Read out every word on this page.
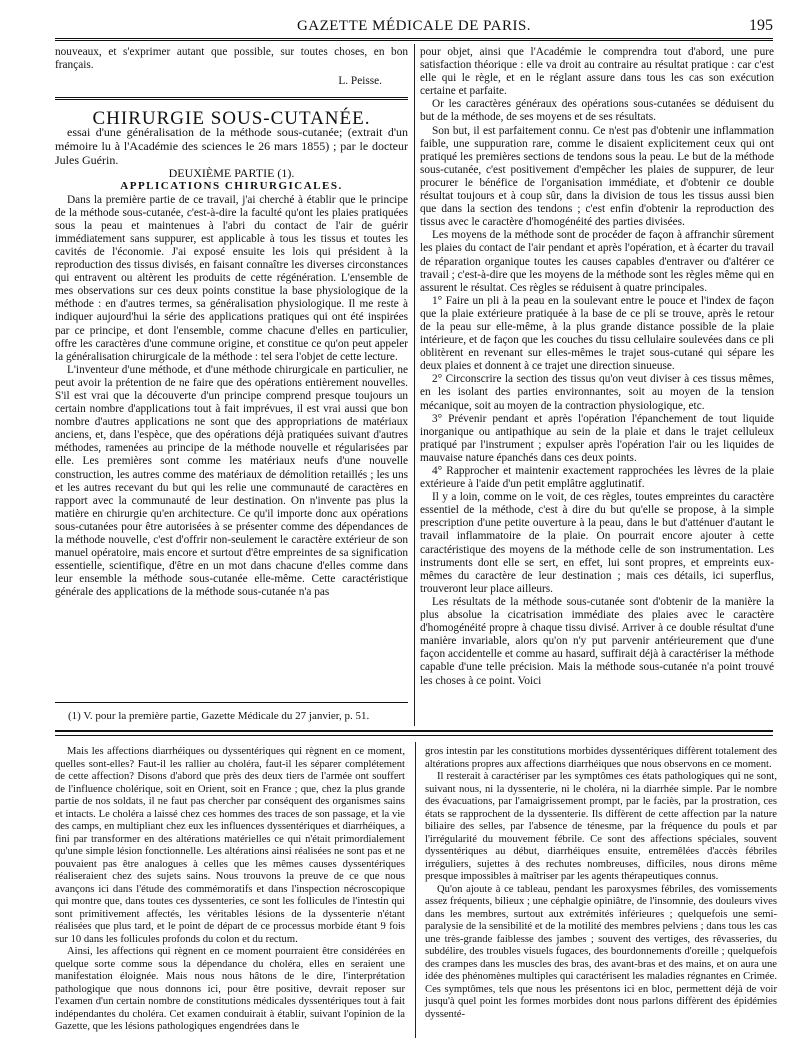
GAZETTE MÉDICALE DE PARIS.	195

nouveaux, et s'exprimer autant que possible, sur toutes choses, en bon français.

L. Peisse.

CHIRURGIE SOUS-CUTANÉE.

essai d'une généralisation de la méthode sous-cutanée; (extrait d'un mémoire lu à l'Académie des sciences le 26 mars 1855) ; par le docteur Jules Guérin.

DEUXIÈME PARTIE (1).

APPLICATIONS CHIRURGICALES.

Dans la première partie de ce travail, j'ai cherché à établir que le principe de la méthode sous-cutanée, c'est-à-dire la faculté qu'ont les plaies pratiquées sous la peau et maintenues à l'abri du contact de l'air de guérir immédiatement sans suppurer, est applicable à tous les tissus et toutes les cavités de l'économie. J'ai exposé ensuite les lois qui président à la reproduction des tissus divisés, en faisant connaître les diverses circonstances qui entravent ou altèrent les produits de cette régénération. L'ensemble de mes observations sur ces deux points constitue la base physiologique de la méthode : en d'autres termes, sa généralisation physiologique. Il me reste à indiquer aujourd'hui la série des applications pratiques qui ont été inspirées par ce principe, et dont l'ensemble, comme chacune d'elles en particulier, offre les caractères d'une commune origine, et constitue ce qu'on peut appeler la généralisation chirurgicale de la méthode : tel sera l'objet de cette lecture.

L'inventeur d'une méthode, et d'une méthode chirurgicale en particulier, ne peut avoir la prétention de ne faire que des opérations entièrement nouvelles. S'il est vrai que la découverte d'un principe comprend presque toujours un certain nombre d'applications tout à fait imprévues, il est vrai aussi que bon nombre d'autres applications ne sont que des appropriations de matériaux anciens, et, dans l'espèce, que des opérations déjà pratiquées suivant d'autres méthodes, ramenées au principe de la méthode nouvelle et régularisées par elle. Les premières sont comme les matériaux neufs d'une nouvelle construction, les autres comme des matériaux de démolition retaillés ; les uns et les autres recevant du but qui les relie une communauté de caractères en rapport avec la communauté de leur destination. On n'invente pas plus la matière en chirurgie qu'en architecture. Ce qu'il importe donc aux opérations sous-cutanées pour être autorisées à se présenter comme des dépendances de la méthode nouvelle, c'est d'offrir non-seulement le caractère extérieur de son manuel opératoire, mais encore et surtout d'être empreintes de sa signification essentielle, scientifique, d'être en un mot dans chacune d'elles comme dans leur ensemble la méthode sous-cutanée elle-même. Cette caractéristique générale des applications de la méthode sous-cutanée n'a pas

pour objet, ainsi que l'Académie le comprendra tout d'abord, une pure satisfaction théorique : elle va droit au contraire au résultat pratique : car c'est elle qui le règle, et en le réglant assure dans tous les cas son exécution certaine et parfaite.

Or les caractères généraux des opérations sous-cutanées se déduisent du but de la méthode, de ses moyens et de ses résultats.

Son but, il est parfaitement connu. Ce n'est pas d'obtenir une inflammation faible, une suppuration rare, comme le disaient explicitement ceux qui ont pratiqué les premières sections de tendons sous la peau. Le but de la méthode sous-cutanée, c'est positivement d'empêcher les plaies de suppurer, de leur procurer le bénéfice de l'organisation immédiate, et d'obtenir ce double résultat toujours et à coup sûr, dans la division de tous les tissus aussi bien que dans la section des tendons ; c'est enfin d'obtenir la reproduction des tissus avec le caractère d'homogénéité des parties divisées.

Les moyens de la méthode sont de procéder de façon à affranchir sûrement les plaies du contact de l'air pendant et après l'opération, et à écarter du travail de réparation organique toutes les causes capables d'entraver ou d'altérer ce travail ; c'est-à-dire que les moyens de la méthode sont les règles même qui en assurent le résultat. Ces règles se réduisent à quatre principales.

1° Faire un pli à la peau en la soulevant entre le pouce et l'index de façon que la plaie extérieure pratiquée à la base de ce pli se trouve, après le retour de la peau sur elle-même, à la plus grande distance possible de la plaie intérieure, et de façon que les couches du tissu cellulaire soulevées dans ce pli oblitèrent en revenant sur elles-mêmes le trajet sous-cutané qui sépare les deux plaies et donnent à ce trajet une direction sinueuse.

2° Circonscrire la section des tissus qu'on veut diviser à ces tissus mêmes, en les isolant des parties environnantes, soit au moyen de la tension mécanique, soit au moyen de la contraction physiologique, etc.

3° Prévenir pendant et après l'opération l'épanchement de tout liquide inorganique ou antipathique au sein de la plaie et dans le trajet celluleux pratiqué par l'instrument ; expulser après l'opération l'air ou les liquides de mauvaise nature épanchés dans ces deux points.

4° Rapprocher et maintenir exactement rapprochées les lèvres de la plaie extérieure à l'aide d'un petit emplâtre agglutinatif.

Il y a loin, comme on le voit, de ces règles, toutes empreintes du caractère essentiel de la méthode, c'est à dire du but qu'elle se propose, à la simple prescription d'une petite ouverture à la peau, dans le but d'atténuer d'autant le travail inflammatoire de la plaie. On pourrait encore ajouter à cette caractéristique des moyens de la méthode celle de son instrumentation. Les instruments dont elle se sert, en effet, lui sont propres, et empreints eux-mêmes du caractère de leur destination ; mais ces détails, ici superflus, trouveront leur place ailleurs.

Les résultats de la méthode sous-cutanée sont d'obtenir de la manière la plus absolue la cicatrisation immédiate des plaies avec le caractère d'homogénéité propre à chaque tissu divisé. Arriver à ce double résultat d'une manière invariable, alors qu'on n'y put parvenir antérieurement que d'une façon accidentelle et comme au hasard, suffirait déjà à caractériser la méthode capable d'une telle précision. Mais la méthode sous-cutanée n'a point trouvé les choses à ce point. Voici

(1) V. pour la première partie, Gazette Médicale du 27 janvier, p. 51.

Mais les affections diarrhéiques ou dyssentériques qui règnent en ce moment, quelles sont-elles? Faut-il les rallier au choléra, faut-il les séparer complétement de cette affection? Disons d'abord que près des deux tiers de l'armée ont souffert de l'influence cholérique, soit en Orient, soit en France ; que, chez la plus grande partie de nos soldats, il ne faut pas chercher par conséquent des organismes sains et intacts. Le choléra a laissé chez ces hommes des traces de son passage, et la vie des camps, en multipliant chez eux les influences dyssentériques et diarrhéiques, a fini par transformer en des altérations matérielles ce qui n'était primordialement qu'une simple lésion fonctionnelle. Les altérations ainsi réalisées ne sont pas et ne pouvaient pas être analogues à celles que les mêmes causes dyssentériques réaliseraient chez des sujets sains. Nous trouvons la preuve de ce que nous avançons ici dans l'étude des commémoratifs et dans l'inspection nécroscopique qui montre que, dans toutes ces dyssenteries, ce sont les follicules de l'intestin qui sont primitivement affectés, les véritables lésions de la dyssenterie n'étant réalisées que plus tard, et le point de départ de ce processus morbide étant 9 fois sur 10 dans les follicules profonds du colon et du rectum.

Ainsi, les affections qui règnent en ce moment pourraient être considérées en quelque sorte comme sous la dépendance du choléra, elles en seraient une manifestation éloignée. Mais nous nous hâtons de le dire, l'interprétation pathologique que nous donnons ici, pour être positive, devrait reposer sur l'examen d'un certain nombre de constitutions médicales dyssentériques tout à fait indépendantes du choléra. Cet examen conduirait à établir, suivant l'opinion de la Gazette, que les lésions pathologiques engendrées dans le

gros intestin par les constitutions morbides dyssentériques diffèrent totalement des altérations propres aux affections diarrhéiques que nous observons en ce moment.

Il resterait à caractériser par les symptômes ces états pathologiques qui ne sont, suivant nous, ni la dyssenterie, ni le choléra, ni la diarrhée simple. Par le nombre des évacuations, par l'amaigrissement prompt, par le faciès, par la prostration, ces états se rapprochent de la dyssenterie. Ils diffèrent de cette affection par la nature biliaire des selles, par l'absence de ténesme, par la fréquence du pouls et par l'irrégularité du mouvement fébrile. Ce sont des affections spéciales, souvent dyssentériques au début, diarrhéiques ensuite, entremêlées d'accès fébriles irréguliers, sujettes à des rechutes nombreuses, difficiles, nous dirons même presque impossibles à maîtriser par les agents thérapeutiques connus.

Qu'on ajoute à ce tableau, pendant les paroxysmes fébriles, des vomissements assez fréquents, bilieux ; une céphalgie opiniâtre, de l'insomnie, des douleurs vives dans les membres, surtout aux extrémités inférieures ; quelquefois une semi-paralysie de la sensibilité et de la motilité des membres pelviens ; dans tous les cas une très-grande faiblesse des jambes ; souvent des vertiges, des rêvasseries, du subdélire, des troubles visuels fugaces, des bourdonnements d'oreille ; quelquefois des crampes dans les muscles des bras, des avant-bras et des mains, et on aura une idée des phénomènes multiples qui caractérisent les maladies régnantes en Crimée. Ces symptômes, tels que nous les présentons ici en bloc, permettent déjà de voir jusqu'à quel point les formes morbides dont nous parlons diffèrent des épidémies dyssenté-
